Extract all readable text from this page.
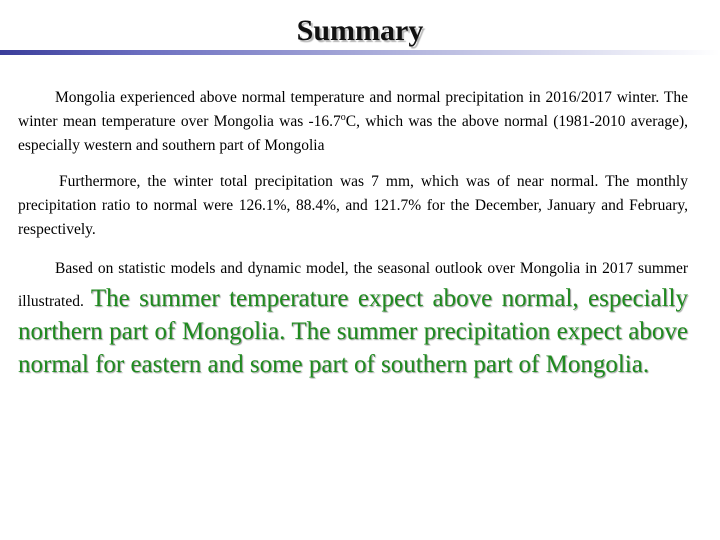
Summary

Mongolia experienced above normal temperature and normal precipitation in 2016/2017 winter. The winter mean temperature over Mongolia was -16.7$^o$C, which was the above normal (1981-2010 average), especially western and southern part of Mongolia

Furthermore, the winter total precipitation was 7 mm, which was of near normal. The monthly precipitation ratio to normal were 126.1%, 88.4%, and 121.7% for the December, January and February, respectively.

Based on statistic models and dynamic model, the seasonal outlook over Mongolia in 2017 summer illustrated. The summer temperature expect above normal, especially northern part of Mongolia. The summer precipitation expect above normal for eastern and some part of southern part of Mongolia.
